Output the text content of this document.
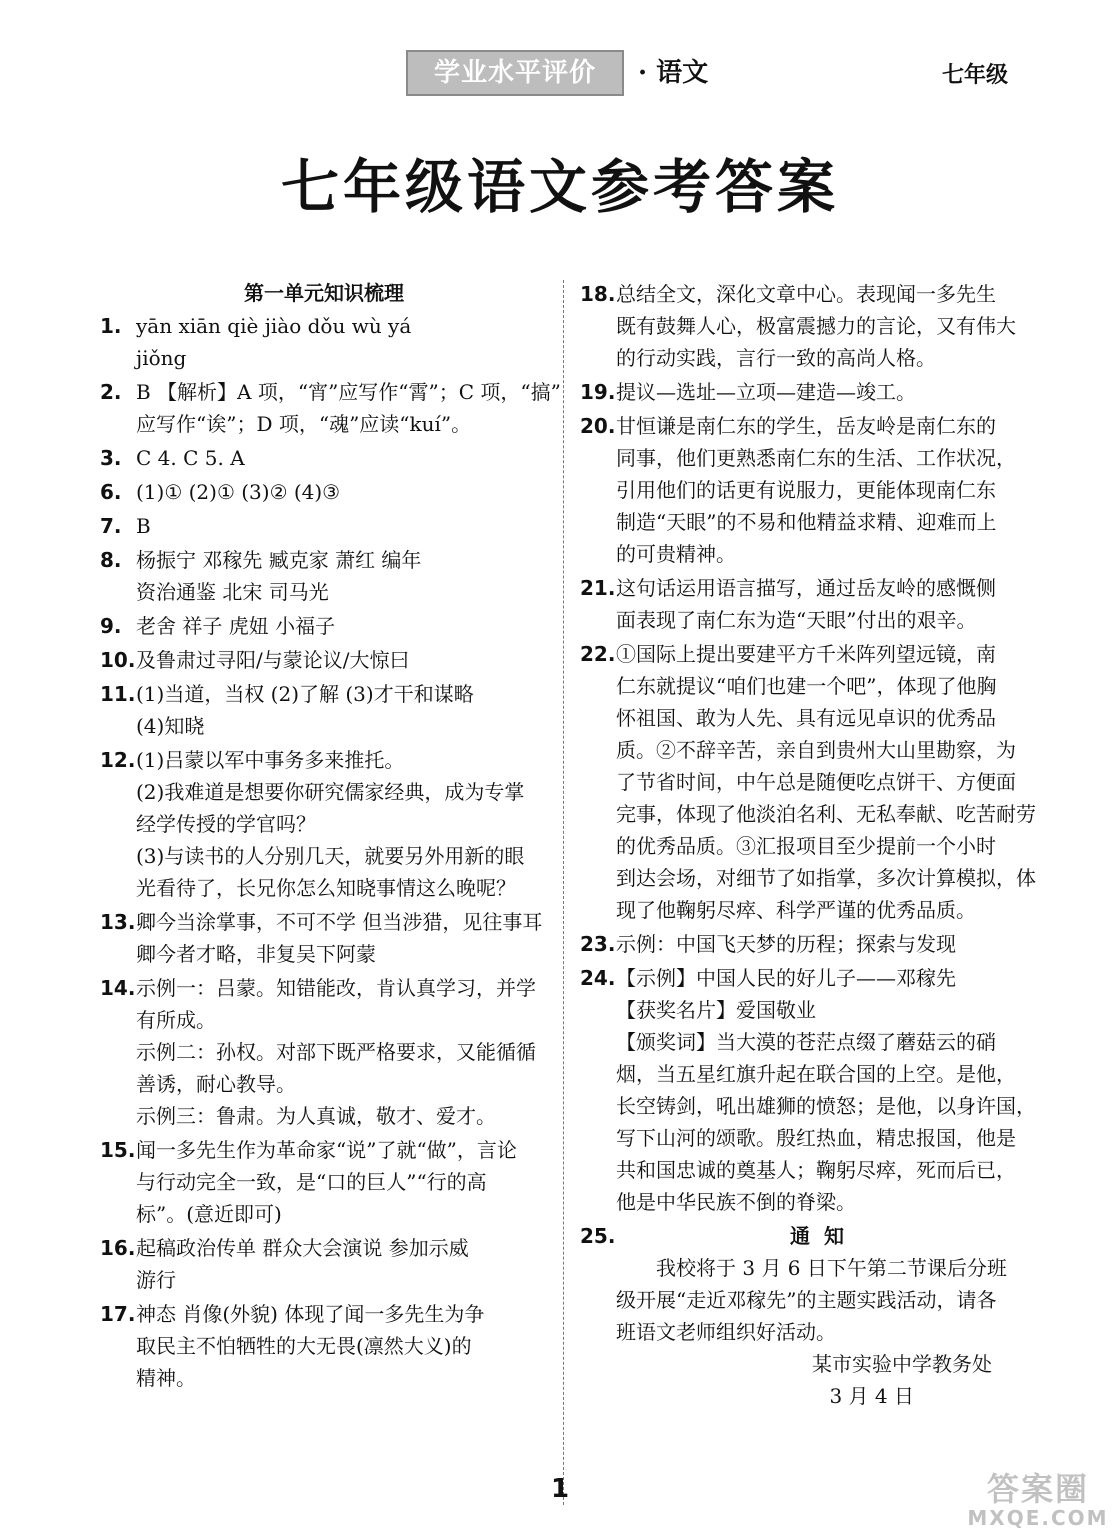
学业水平评价	· 语文	七年级
七年级语文参考答案
第一单元知识梳理
1. yān xiān qiè jiào dǒu wù yá
jiǒng
2. B 【解析】A 项，“宵”应写作“霄”；C 项，“搞”
应写作“诶”；D 项，“魂”应读“kuí”。
3. C 4. C 5. A
6. (1)① (2)① (3)② (4)③
7. B
8. 杨振宁 邓稼先 臧克家 萧红 编年
资治通鉴 北宋 司马光
9. 老舍 祥子 虎妞 小福子
10. 及鲁肃过寻阳/与蒙论议/大惊曰
11. (1)当道，当权 (2)了解 (3)才干和谋略
(4)知晓
12. (1)吕蒙以军中事务多来推托。
(2)我难道是想要你研究儒家经典，成为专掌
经学传授的学官吗？
(3)与读书的人分别几天，就要另外用新的眼
光看待了，长兄你怎么知晓事情这么晚呢？
13. 卿今当涂掌事，不可不学 但当涉猎，见往事耳
卿今者才略，非复吴下阿蒙
14. 示例一：吕蒙。知错能改，肯认真学习，并学
有所成。
示例二：孙权。对部下既严格要求，又能循循
善诱，耐心教导。
示例三：鲁肃。为人真诚，敬才、爱才。
15. 闻一多先生作为革命家“说”了就“做”，言论
与行动完全一致，是“口的巨人”“行的高
标”。(意近即可)
16. 起稿政治传单 群众大会演说 参加示威
游行
17. 神态 肖像(外貌) 体现了闻一多先生为争
取民主不怕牺牲的大无畏(凛然大义)的
精神。
18. 总结全文，深化文章中心。表现闻一多先生
既有鼓舞人心，极富震撼力的言论，又有伟大
的行动实践，言行一致的高尚人格。
19. 提议—选址—立项—建造—竣工。
20. 甘恒谦是南仁东的学生，岳友岭是南仁东的
同事，他们更熟悉南仁东的生活、工作状况，
引用他们的话更有说服力，更能体现南仁东
制造“天眼”的不易和他精益求精、迎难而上
的可贵精神。
21. 这句话运用语言描写，通过岳友岭的感慨侧
面表现了南仁东为造“天眼”付出的艰辛。
22. ①国际上提出要建平方千米阵列望远镜，南
仁东就提议“咱们也建一个吧”，体现了他胸
怀祖国、敢为人先、具有远见卓识的优秀品
质。②不辞辛苦，亲自到贵州大山里勘察，为
了节省时间，中午总是随便吃点饼干、方便面
完事，体现了他淡泊名利、无私奉献、吃苦耐劳
的优秀品质。③汇报项目至少提前一个小时
到达会场，对细节了如指掌，多次计算模拟，体
现了他鞠躬尽瘁、科学严谨的优秀品质。
23. 示例：中国飞天梦的历程；探索与发现
24. 【示例】中国人民的好儿子——邓稼先
【获奖名片】爱国敬业
【颁奖词】当大漠的苍茫点缀了蘑菇云的硝
烟，当五星红旗升起在联合国的上空。是他，
长空铸剑，吼出雄狮的愤怒；是他，以身许国，
写下山河的颂歌。殷红热血，精忠报国，他是
共和国忠诚的奠基人；鞠躬尽瘁，死而后已，
他是中华民族不倒的脊梁。
25.	通知
我校将于 3 月 6 日下午第二节课后分班
级开展“走近邓稼先”的主题实践活动，请各
班语文老师组织好活动。
某市实验中学教务处
3 月 4 日
1	答案圈
MXQE.COM
